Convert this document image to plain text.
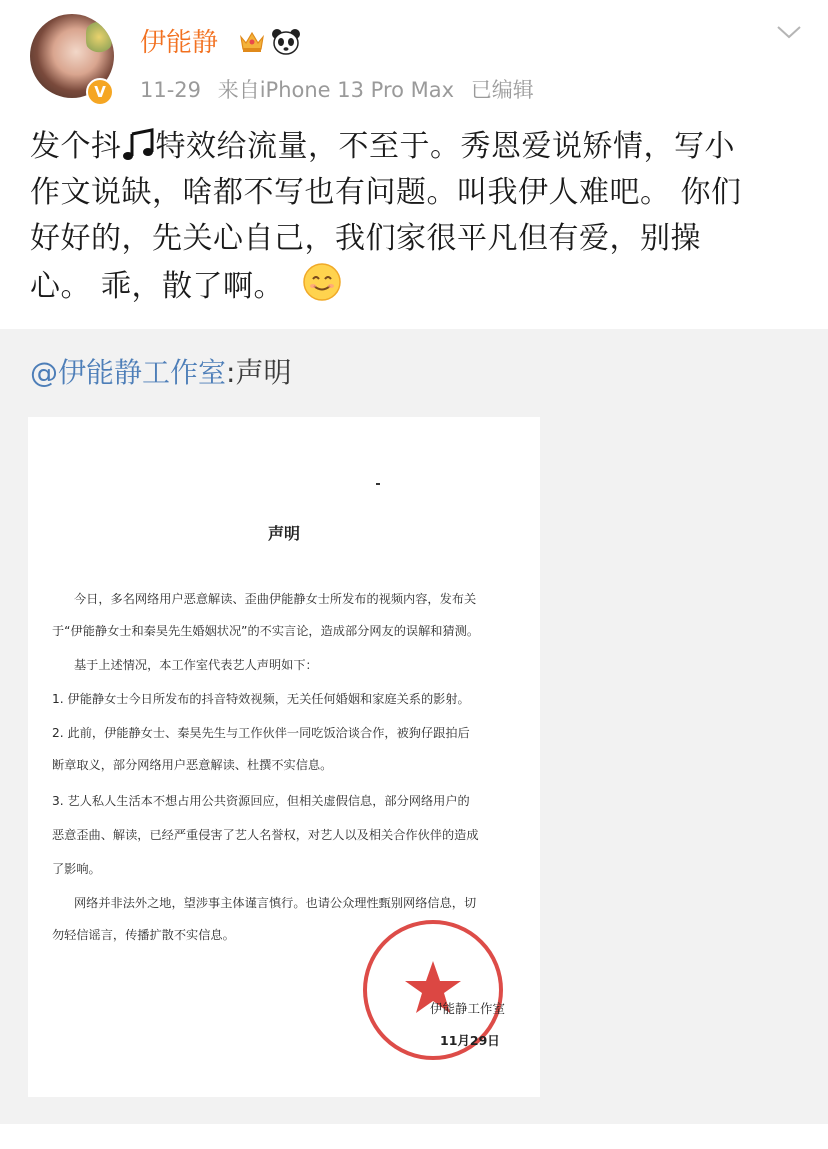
V
伊能静
11-29 来自iPhone 13 Pro Max 已编辑
发个抖 特效给流量，不至于。秀恩爱说矫情，写小
作文说缺，啥都不写也有问题。叫我伊人难吧。 你们
好好的，先关心自己，我们家很平凡但有爱，别操
心。 乖，散了啊。
@伊能静工作室:声明
声明
今日，多名网络用户恶意解读、歪曲伊能静女士所发布的视频内容，发布关
于“伊能静女士和秦昊先生婚姻状况”的不实言论，造成部分网友的误解和猜测。
基于上述情况，本工作室代表艺人声明如下：
1. 伊能静女士今日所发布的抖音特效视频，无关任何婚姻和家庭关系的影射。
2. 此前，伊能静女士、秦昊先生与工作伙伴一同吃饭洽谈合作，被狗仔跟拍后
断章取义，部分网络用户恶意解读、杜撰不实信息。
3. 艺人私人生活本不想占用公共资源回应，但相关虚假信息，部分网络用户的
恶意歪曲、解读，已经严重侵害了艺人名誉权，对艺人以及相关合作伙伴的造成
了影响。
网络并非法外之地，望涉事主体谨言慎行。也请公众理性甄别网络信息，切
勿轻信谣言，传播扩散不实信息。
伊能静工作室
11月29日
